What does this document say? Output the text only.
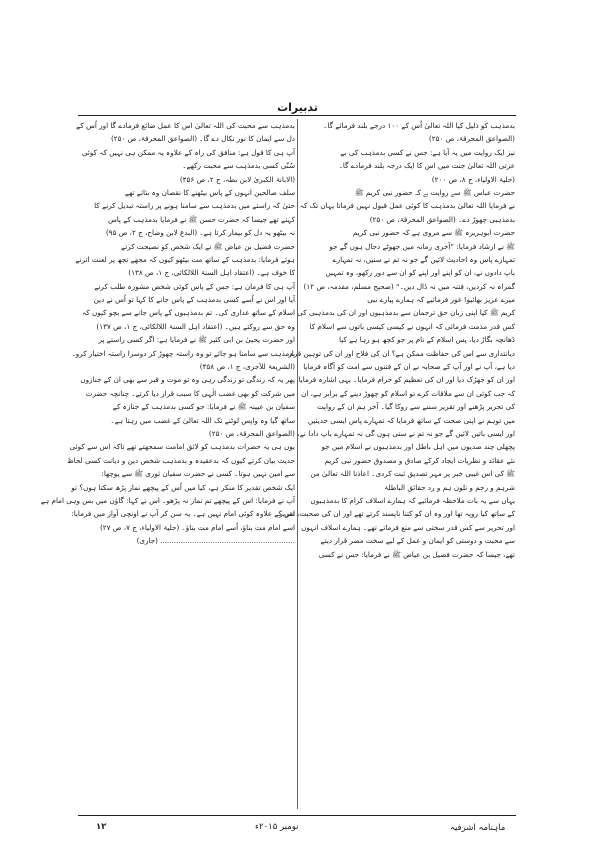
تدبیرات
بدمذہب کو ذلیل کیا اللہ تعالیٰ اُس کے ۱۰۰ درجے بلند فرمائے گا۔
(الصواعق المحرقۃ، ص ۲۵۰)
نیز ایک روایت میں یہ آیا ہے: جس نے کسی بدمذہب کی بے
عزتی اللہ تعالیٰ جنت میں اس کا ایک درجہ بلند فرمادے گا۔
(حلیۃ الاولیاء، ج ۸، ص ۲۰۰)
حضرت عباس ﷺ سے روایت ہے کہ حضور نبی کریم ﷺ
نے فرمایا اللہ تعالیٰ بدمذہب کا کوئی عمل قبول نہیں فرماتا یہاں تک کہ
بدمذہبی چھوڑ دے۔ (الصواعق المحرقۃ، ص ۲۵۰)
حضرت ابوہریرہ ﷺ سے مروی ہے کہ حضور نبی کریم
ﷺ نے ارشاد فرمایا: ”آخری زمانہ میں جھوٹے دجال ہوں گے جو
تمہارے پاس وہ احادیث لائیں گے جو نہ تم نے سنیں، نہ تمہارے
باپ دادوں نے، ان کو اپنے اور اپنے کو ان سے دور رکھو، وہ تمہیں
گمراہ نہ کردیں، فتنہ میں نہ ڈال دیں۔“ (صحیح مسلم، مقدمہ، ص ۱۲)
میرے عزیز بھائیو! غور فرمائیے کہ ہمارے پیارے نبی
کریم ﷺ کیا اپنی زبان حق ترجمان سے بدمذہبوں اور ان کی بدمذہبی کی
کس قدر مذمت فرمائی کہ انہوں نے کیسی کیسی باتوں سے اسلام کا
ڈھانچہ بگاڑ دیا، پس اسلام کے نام پر جو کچھ ہو رہا ہے کیا
دیانتداری سے اس کی حفاظت ممکن ہے؟ ان کی فلاح اور ان کی توہین قرار
دیا ہے، آپ نے اور آپ کے صحابہ نے ان کے فتنوں سے امت کو آگاہ فرمایا
اور ان کو جھڑک دیا اور ان کی تعظیم کو حرام فرمایا۔ یہی اشارہ فرمایا
کہ جب کوئی ان سے ملاقات کرے تو اسلام کو چھوڑ دینے کے برابر ہے، ان
کی تحریر پڑھنے اور تقریر سننے سے روکا گیا۔ آخر ہم ان کے روایت
میں توہم نے اپنی صحت کے ساتھ فرمایا کہ تمہارے پاس ایسی حدیثیں
اور ایسی باتیں لائیں گے جو نہ تم نے سنی ہوں گی نہ تمہارے باپ دادا نے،
پچھلی چند صدیوں میں اہل باطل اور بدمذہبوں نے اسلام میں جو
نئے عقائد و نظریات ایجاد کرکے صادق و مصدوق حضور نبی کریم
ﷺ کی اس غیبی خبر پر مہر تصدیق ثبت کردی۔ اعاذنا اللہ تعالیٰ من
شرہم و رحم و تلون ہم و رد حقائق الباطلۃ
یہاں سے یہ بات ملاحظہ فرمائیے کہ ہمارے اسلاف کرام کا بدمذہبوں
کے ساتھ کیا رویہ تھا اور وہ ان کو کتنا ناپسند کرتے تھے اور ان کی صحبت، تقریر
اور تحریر سے کس قدر سختی سے منع فرماتے تھے۔ ہمارے اسلاف انہوں
سے محبت و دوستی کو ایمان و عمل کے لیے سخت مضر قرار دیتے
تھے، جیسا کہ حضرت فضیل بن عیاض ﷺ نے فرمایا: جس نے کسی
بدمذہب سے محبت کی اللہ تعالیٰ اس کا عمل ضائع فرمادے گا اور اُس کے
دل سے ایمان کا نور نکال دے گا۔ (الصواعق المحرقۃ، ص ۲۵۰)
آپ ہی کا قول ہے: منافق کی راہ کے علاوہ یہ ممکن ہی نہیں کہ کوئی
سُنّی کسی بدمذہب سے محبت رکھے۔
(الابانۃ الکبریٰ لابن بطہ، ج ۲، ص ۴۵۶)
سلف صالحین انہوں کے پاس بیٹھنے کا نقصان وہ بتاتے تھے
حتیٰ کہ راستے میں بدمذہب سے سامنا ہونے پر راستہ تبدیل کرنے کا
کہتے تھے جیسا کہ حضرت حسن ﷺ نے فرمایا بدمذہب کے پاس
نہ بیٹھو یہ دل کو بیمار کرتا ہے۔ (البدع لابن وضاح، ج ۲، ص ۹۵)
حضرت فضیل بن عیاض ﷺ نے ایک شخص کو نصیحت کرتے
ہوئے فرمایا: بدمذہب کے ساتھ مت بیٹھو کیوں کہ مجھے تجھ پر لعنت اترنے
کا خوف ہے۔ (اعتقاد اہل السنۃ اللالکائی، ج ۱، ص ۱۳۸)
آپ ہی کا فرمان ہے: جس کے پاس کوئی شخص مشورہ طلب کرنے
آیا اور اس نے اُسے کسی بدمذہب کے پاس جانے کا کہا تو اُس نے دین
اسلام کے ساتھ غداری کی۔ تم بدمذہبوں کے پاس جانے سے بچو کیوں کہ
وہ حق سے روکتے ہیں۔ (اعتقاد اہل السنۃ اللالکائی، ج ۱، ص ۱۳۷)
اور حضرت یحییٰ بن ابی کثیر ﷺ نے فرمایا ہے: اگر کسی راستے پر
بدمذہب سے سامنا ہو جائے تو وہ راستہ چھوڑ کر دوسرا راستہ اختیار کرو۔
(الشریعۃ للآجری، ج ۱، ص ۴۵۸)
پھر یہ کہ زندگی تو زندگی رہی وہ تو موت و قبر سے بھی ان کے جنازوں
میں شرکت کو بھی غضب الٰہی کا سبب قرار دیا کرتے۔ چنانچہ حضرت
سفیان بن عیینہ ﷺ نے فرمایا: جو کسی بدمذہب کے جنازہ کے
ساتھ گیا وہ واپس لوٹنے تک اللہ تعالیٰ کے غضب میں رہتا ہے۔
(الصواعق المحرقۃ، ص ۲۵۰)
یوں ہی یہ حضرات بدمذہب کو لائق امامت سمجھتے تھے تاکہ اس سے کوئی
حدیث بیان کرتے کیوں کہ بدعقیدہ و بدمذہب شخص دین و دیانت کسی لحاظ
سے امین نہیں ہوتا۔ کسی نے حضرت سفیان ثوری ﷺ سے پوچھا:
ایک شخص تقدیر کا منکر ہے، کیا میں اُس کے پیچھے نماز پڑھ سکتا ہوں؟ تو
آپ نے فرمایا: اس کے پیچھے تم نماز نہ پڑھو۔ اس نے کہا: گاؤں میں بس وہی امام ہے
اس کے علاوہ کوئی امام نہیں ہے۔ یہ سن کر آپ نے اونچی آواز میں فرمایا:
اسے امام مت بناؤ، اُسے امام مت بناؤ۔ (حلیۃ الاولیاء، ج ۷، ص ۲۷)
........................................................... (جاری)
ماہنامہ اشرفیہ
نومبر ۲۰۱۵ء
۱۲
